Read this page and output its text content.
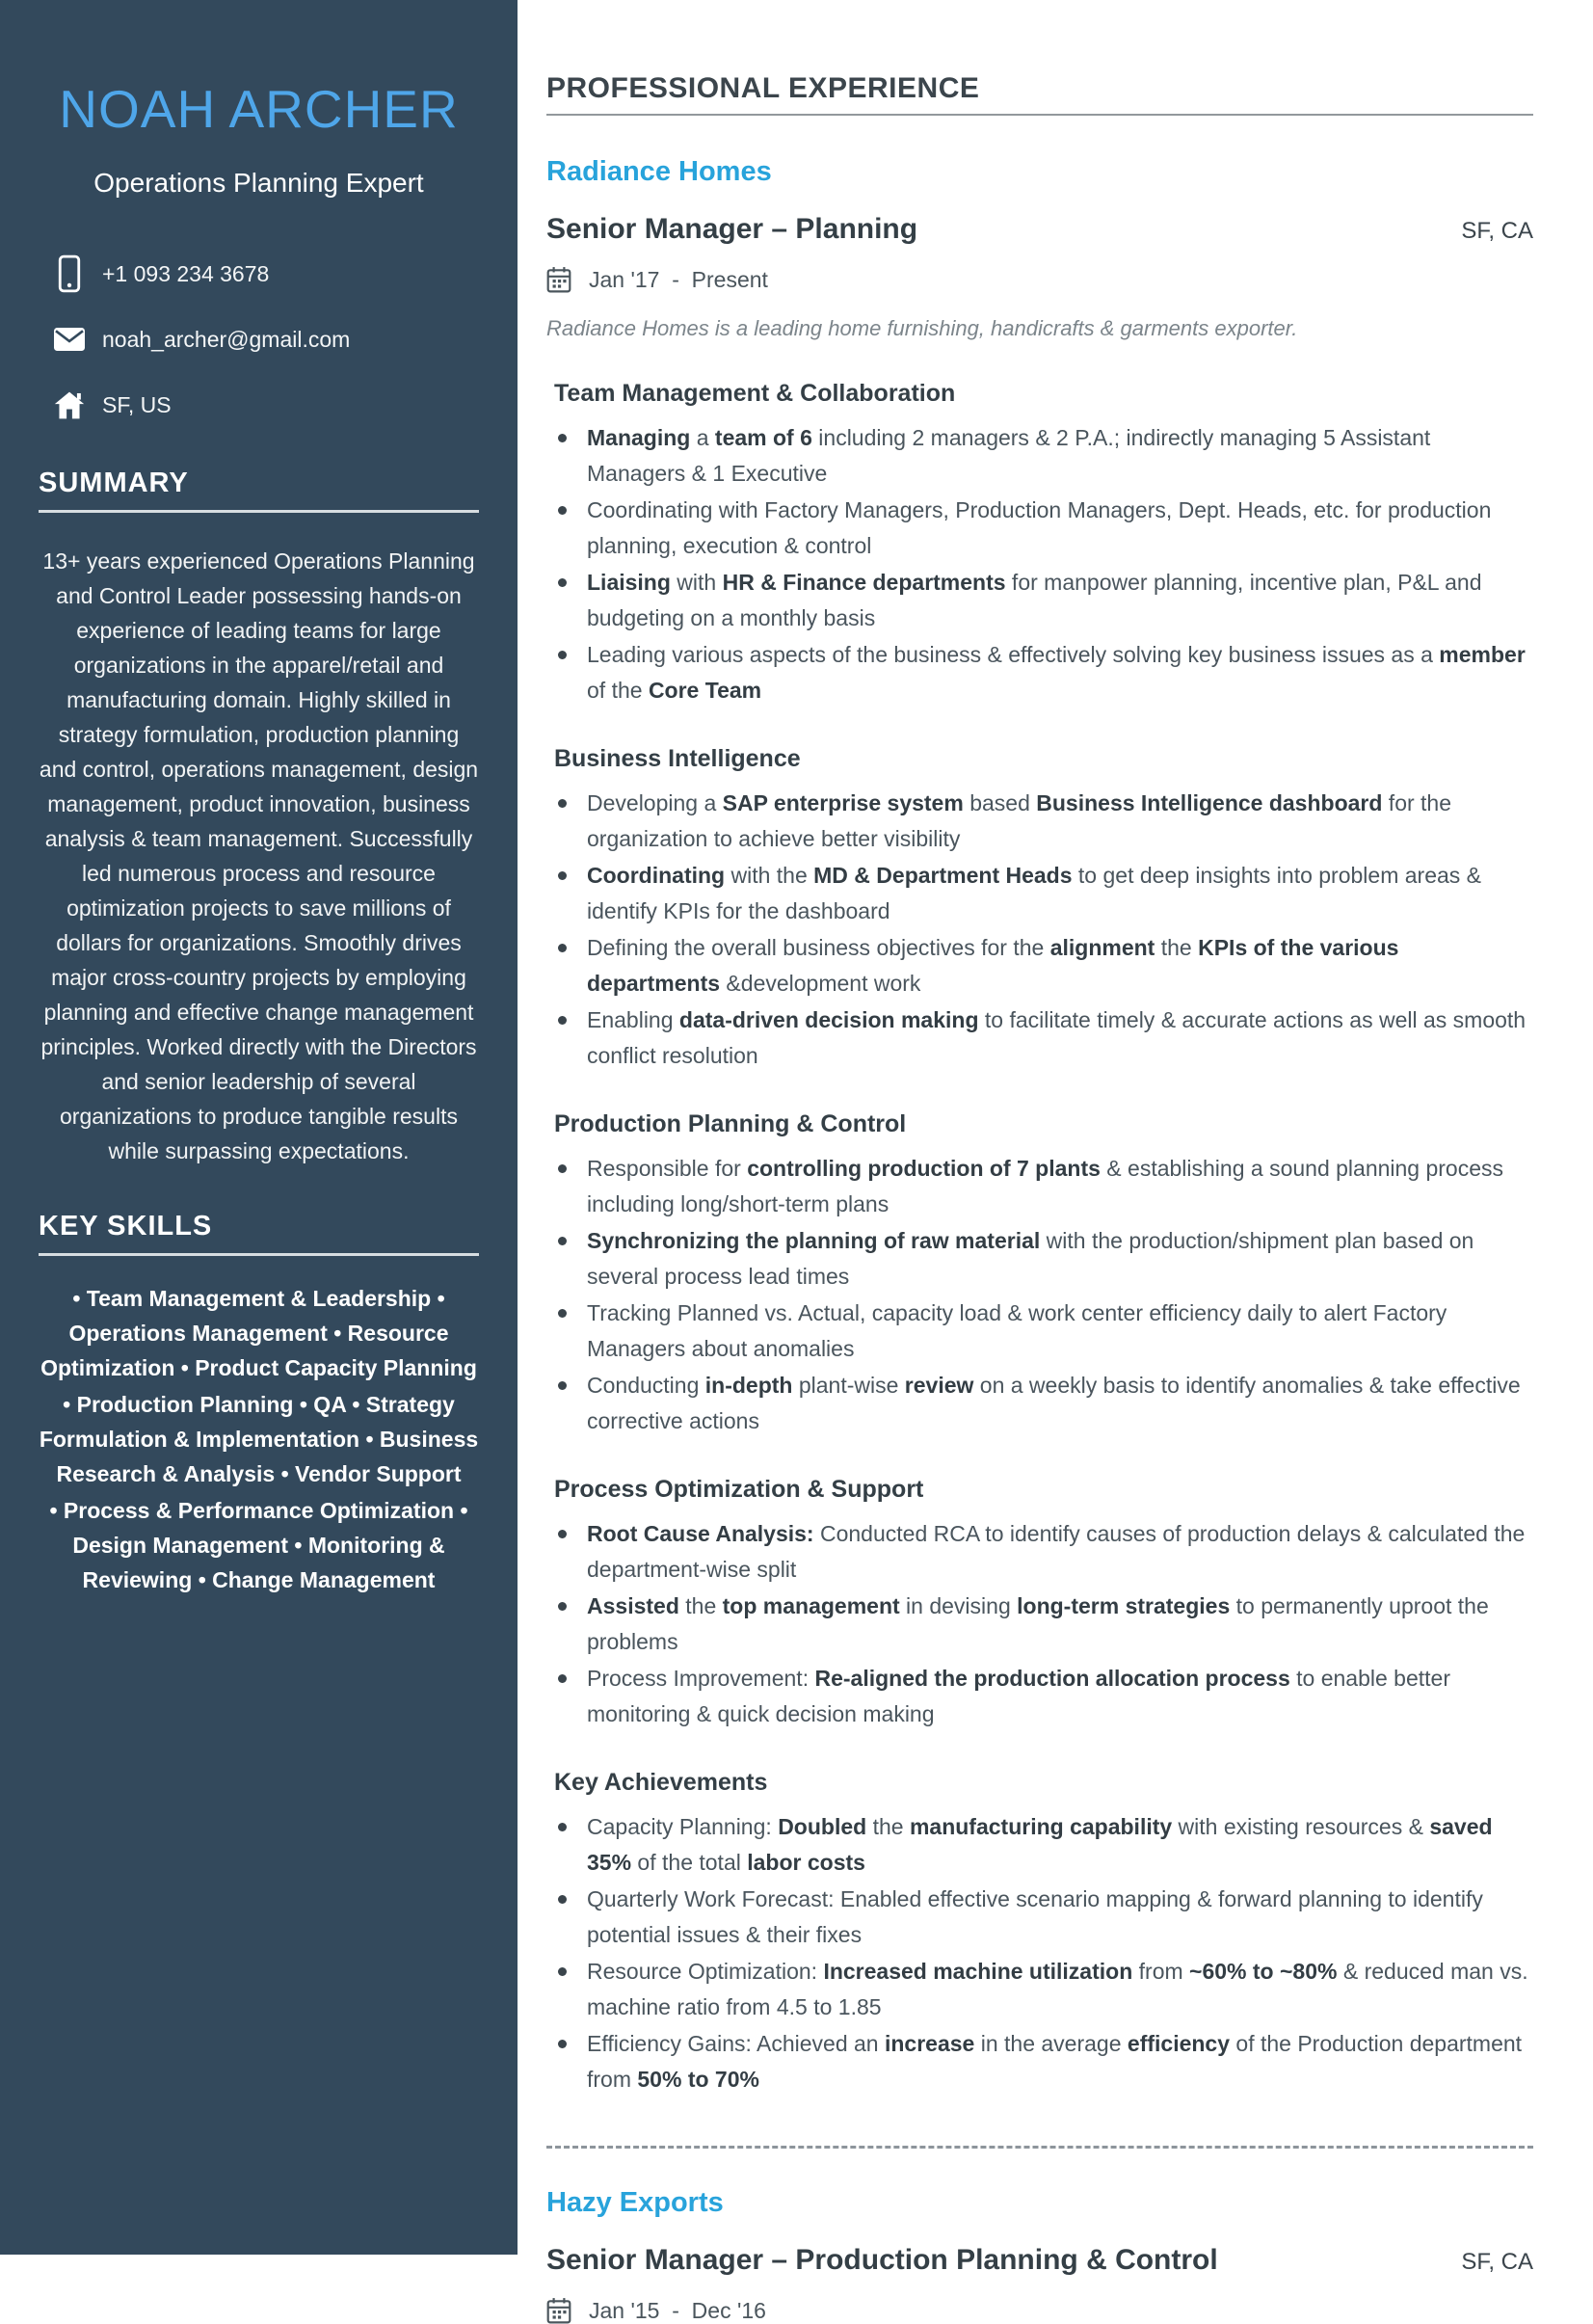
NOAH ARCHER
Operations Planning Expert
+1 093 234 3678
noah_archer@gmail.com
SF, US
SUMMARY

13+ years experienced Operations Planning and Control Leader possessing hands-on experience of leading teams for large organizations in the apparel/retail and manufacturing domain. Highly skilled in strategy formulation, production planning and control, operations management, design management, product innovation, business analysis & team management. Successfully led numerous process and resource optimization projects to save millions of dollars for organizations. Smoothly drives major cross-country projects by employing planning and effective change management principles. Worked directly with the Directors and senior leadership of several organizations to produce tangible results while surpassing expectations.

KEY SKILLS

• Team Management & Leadership • Operations Management • Resource Optimization • Product Capacity Planning

• Production Planning • QA • Strategy Formulation & Implementation • Business Research & Analysis • Vendor Support

• Process & Performance Optimization • Design Management • Monitoring & Reviewing • Change Management

PROFESSIONAL EXPERIENCE
Radiance Homes
Senior Manager – Planning	SF, CA
Jan '17  -  Present

Radiance Homes is a leading home furnishing, handicrafts & garments exporter.

Team Management & Collaboration
Managing a team of 6 including 2 managers & 2 P.A.; indirectly managing 5 Assistant Managers & 1 Executive
Coordinating with Factory Managers, Production Managers, Dept. Heads, etc. for production planning, execution & control
Liaising with HR & Finance departments for manpower planning, incentive plan, P&L and budgeting on a monthly basis
Leading various aspects of the business & effectively solving key business issues as a member of the Core Team
Business Intelligence
Developing a SAP enterprise system based Business Intelligence dashboard for the organization to achieve better visibility
Coordinating with the MD & Department Heads to get deep insights into problem areas & identify KPIs for the dashboard
Defining the overall business objectives for the alignment the KPIs of the various departments &development work
Enabling data-driven decision making to facilitate timely & accurate actions as well as smooth conflict resolution
Production Planning & Control
Responsible for controlling production of 7 plants & establishing a sound planning process including long/short-term plans
Synchronizing the planning of raw material with the production/shipment plan based on several process lead times
Tracking Planned vs. Actual, capacity load & work center efficiency daily to alert Factory Managers about anomalies
Conducting in-depth plant-wise review on a weekly basis to identify anomalies & take effective corrective actions
Process Optimization & Support
Root Cause Analysis: Conducted RCA to identify causes of production delays & calculated the department-wise split
Assisted the top management in devising long-term strategies to permanently uproot the problems
Process Improvement: Re-aligned the production allocation process to enable better monitoring & quick decision making
Key Achievements
Capacity Planning: Doubled the manufacturing capability with existing resources & saved 35% of the total labor costs
Quarterly Work Forecast: Enabled effective scenario mapping & forward planning to identify potential issues & their fixes
Resource Optimization: Increased machine utilization from ~60% to ~80% & reduced man vs. machine ratio from 4.5 to 1.85
Efficiency Gains: Achieved an increase in the average efficiency of the Production department from 50% to 70%
Hazy Exports
Senior Manager – Production Planning & Control	SF, CA
Jan '15  -  Dec '16
